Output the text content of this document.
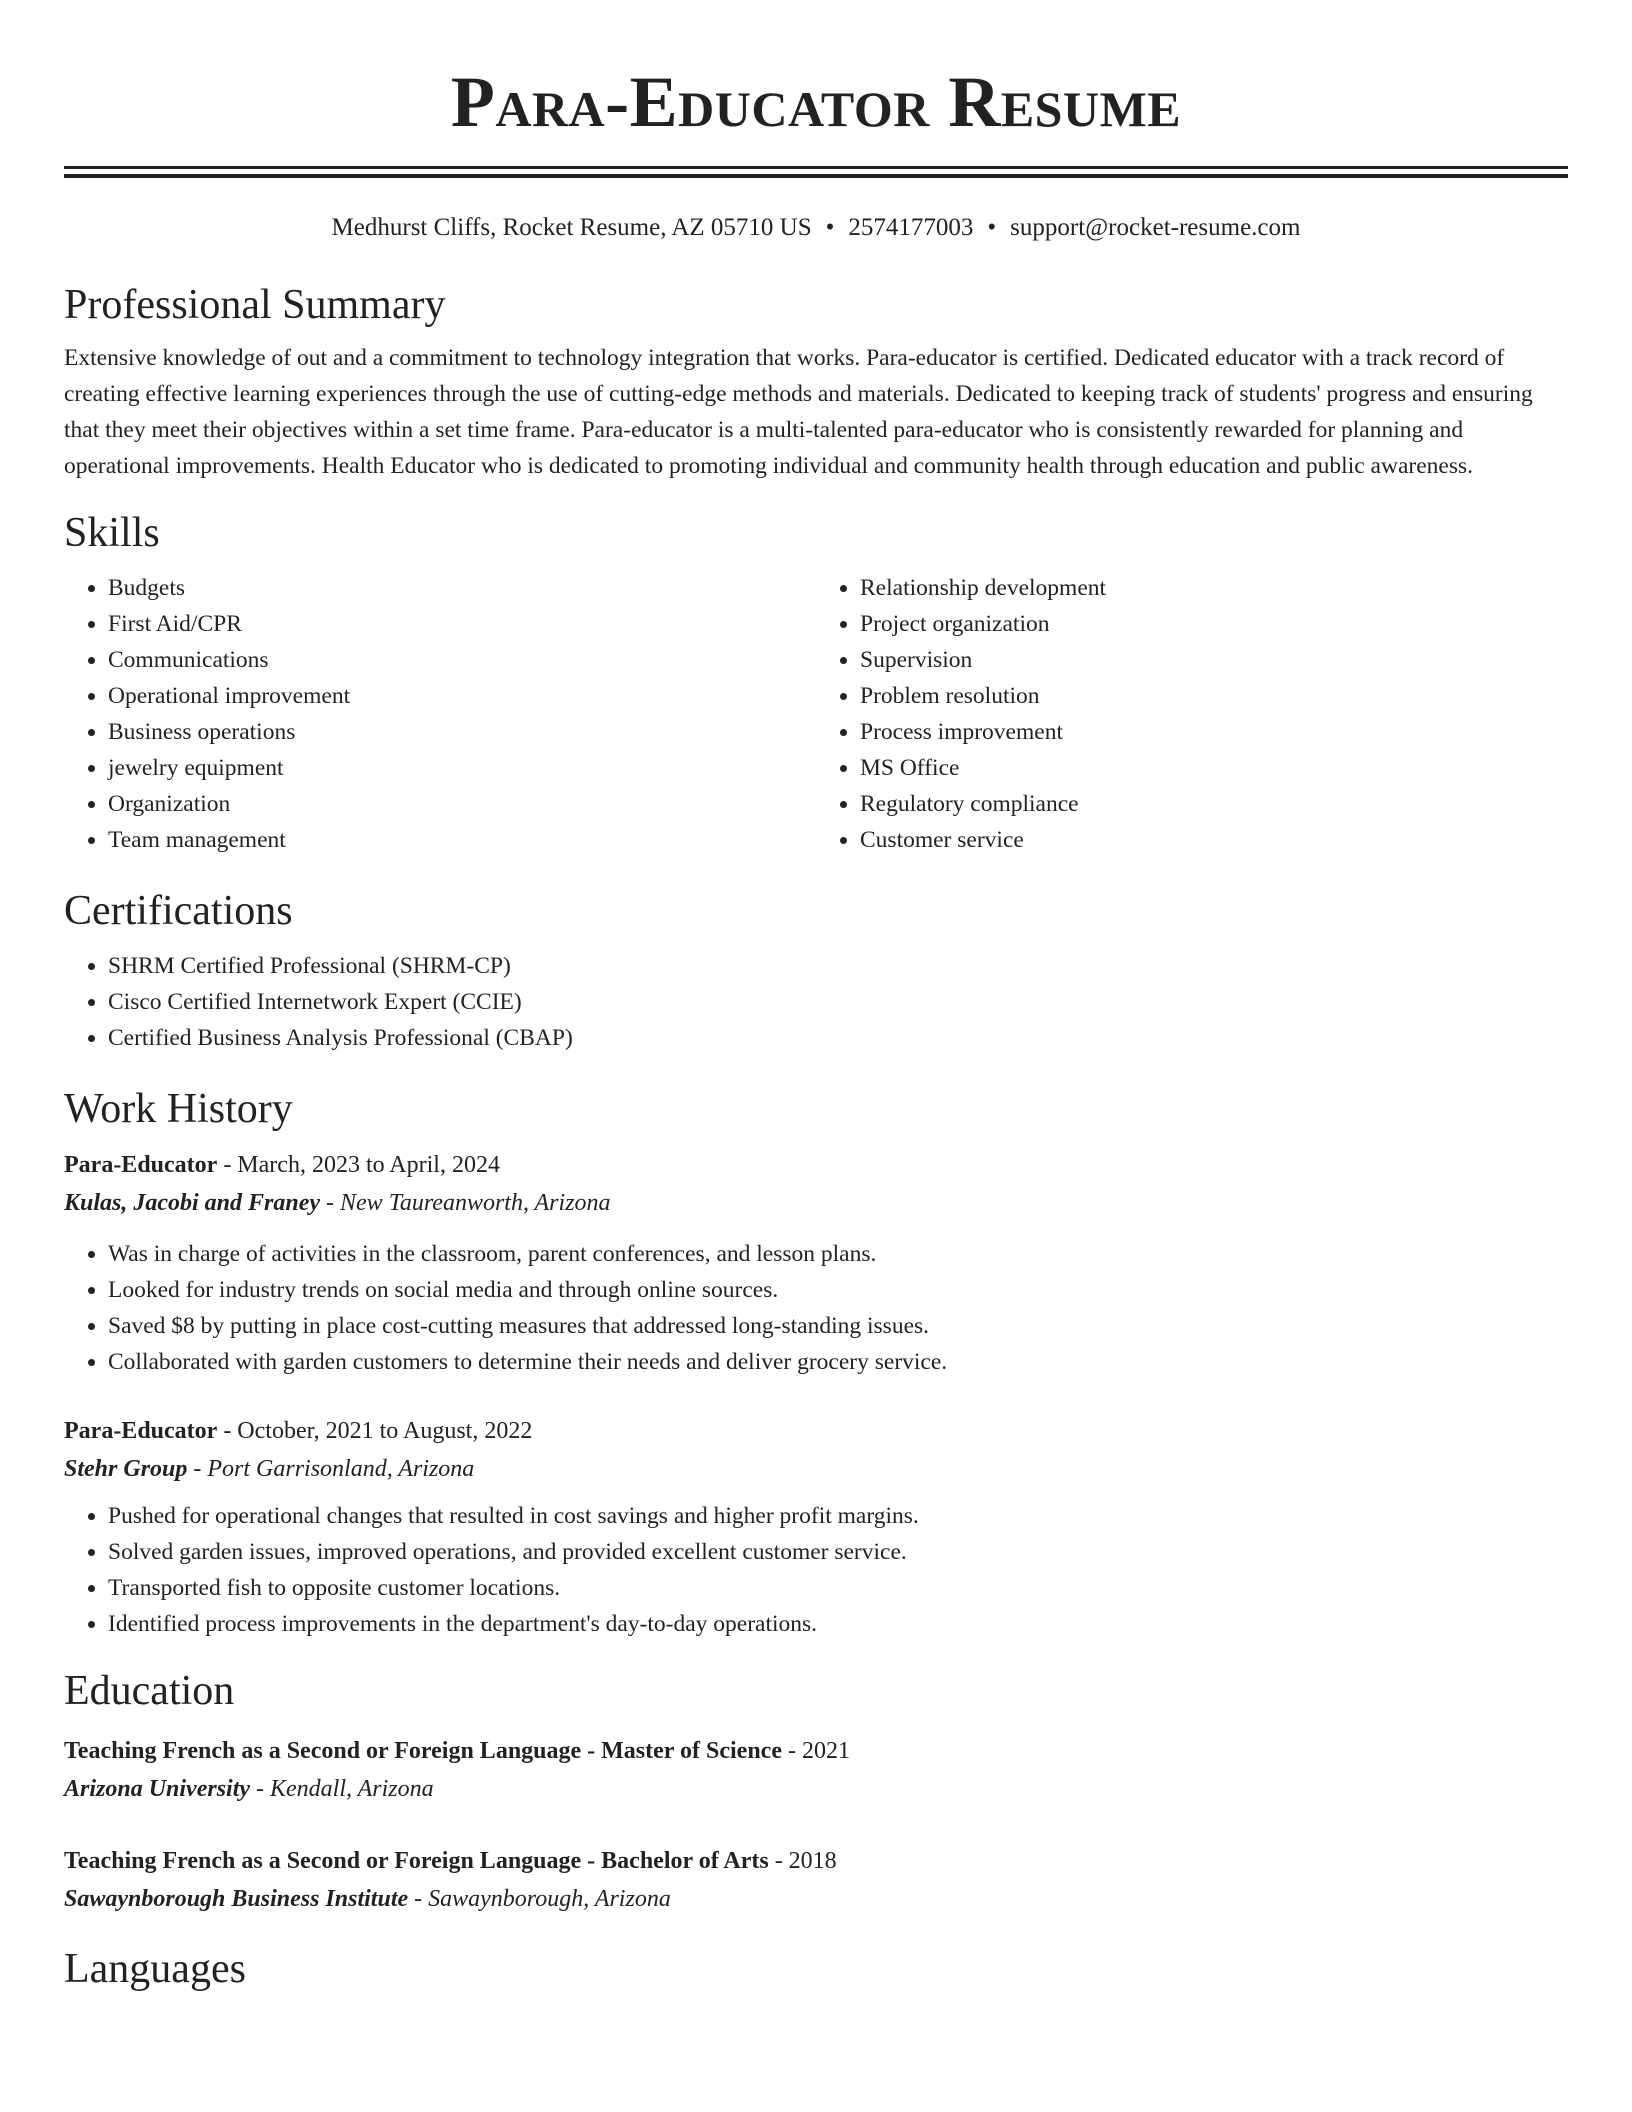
Para-Educator Resume
Medhurst Cliffs, Rocket Resume, AZ 05710 US • 2574177003 • support@rocket-resume.com
Professional Summary

Extensive knowledge of out and a commitment to technology integration that works. Para-educator is certified. Dedicated educator with a track record of creating effective learning experiences through the use of cutting-edge methods and materials. Dedicated to keeping track of students' progress and ensuring that they meet their objectives within a set time frame. Para-educator is a multi-talented para-educator who is consistently rewarded for planning and operational improvements. Health Educator who is dedicated to promoting individual and community health through education and public awareness.

Skills
• Budgets
• First Aid/CPR
• Communications
• Operational improvement
• Business operations
• jewelry equipment
• Organization
• Team management
• Relationship development
• Project organization
• Supervision
• Problem resolution
• Process improvement
• MS Office
• Regulatory compliance
• Customer service
Certifications
• SHRM Certified Professional (SHRM-CP)
• Cisco Certified Internetwork Expert (CCIE)
• Certified Business Analysis Professional (CBAP)
Work History
Para-Educator - March, 2023 to April, 2024
Kulas, Jacobi and Franey - New Taureanworth, Arizona
• Was in charge of activities in the classroom, parent conferences, and lesson plans.
• Looked for industry trends on social media and through online sources.
• Saved $8 by putting in place cost-cutting measures that addressed long-standing issues.
• Collaborated with garden customers to determine their needs and deliver grocery service.
Para-Educator - October, 2021 to August, 2022
Stehr Group - Port Garrisonland, Arizona
• Pushed for operational changes that resulted in cost savings and higher profit margins.
• Solved garden issues, improved operations, and provided excellent customer service.
• Transported fish to opposite customer locations.
• Identified process improvements in the department's day-to-day operations.
Education
Teaching French as a Second or Foreign Language - Master of Science - 2021
Arizona University - Kendall, Arizona
Teaching French as a Second or Foreign Language - Bachelor of Arts - 2018
Sawaynborough Business Institute - Sawaynborough, Arizona
Languages
